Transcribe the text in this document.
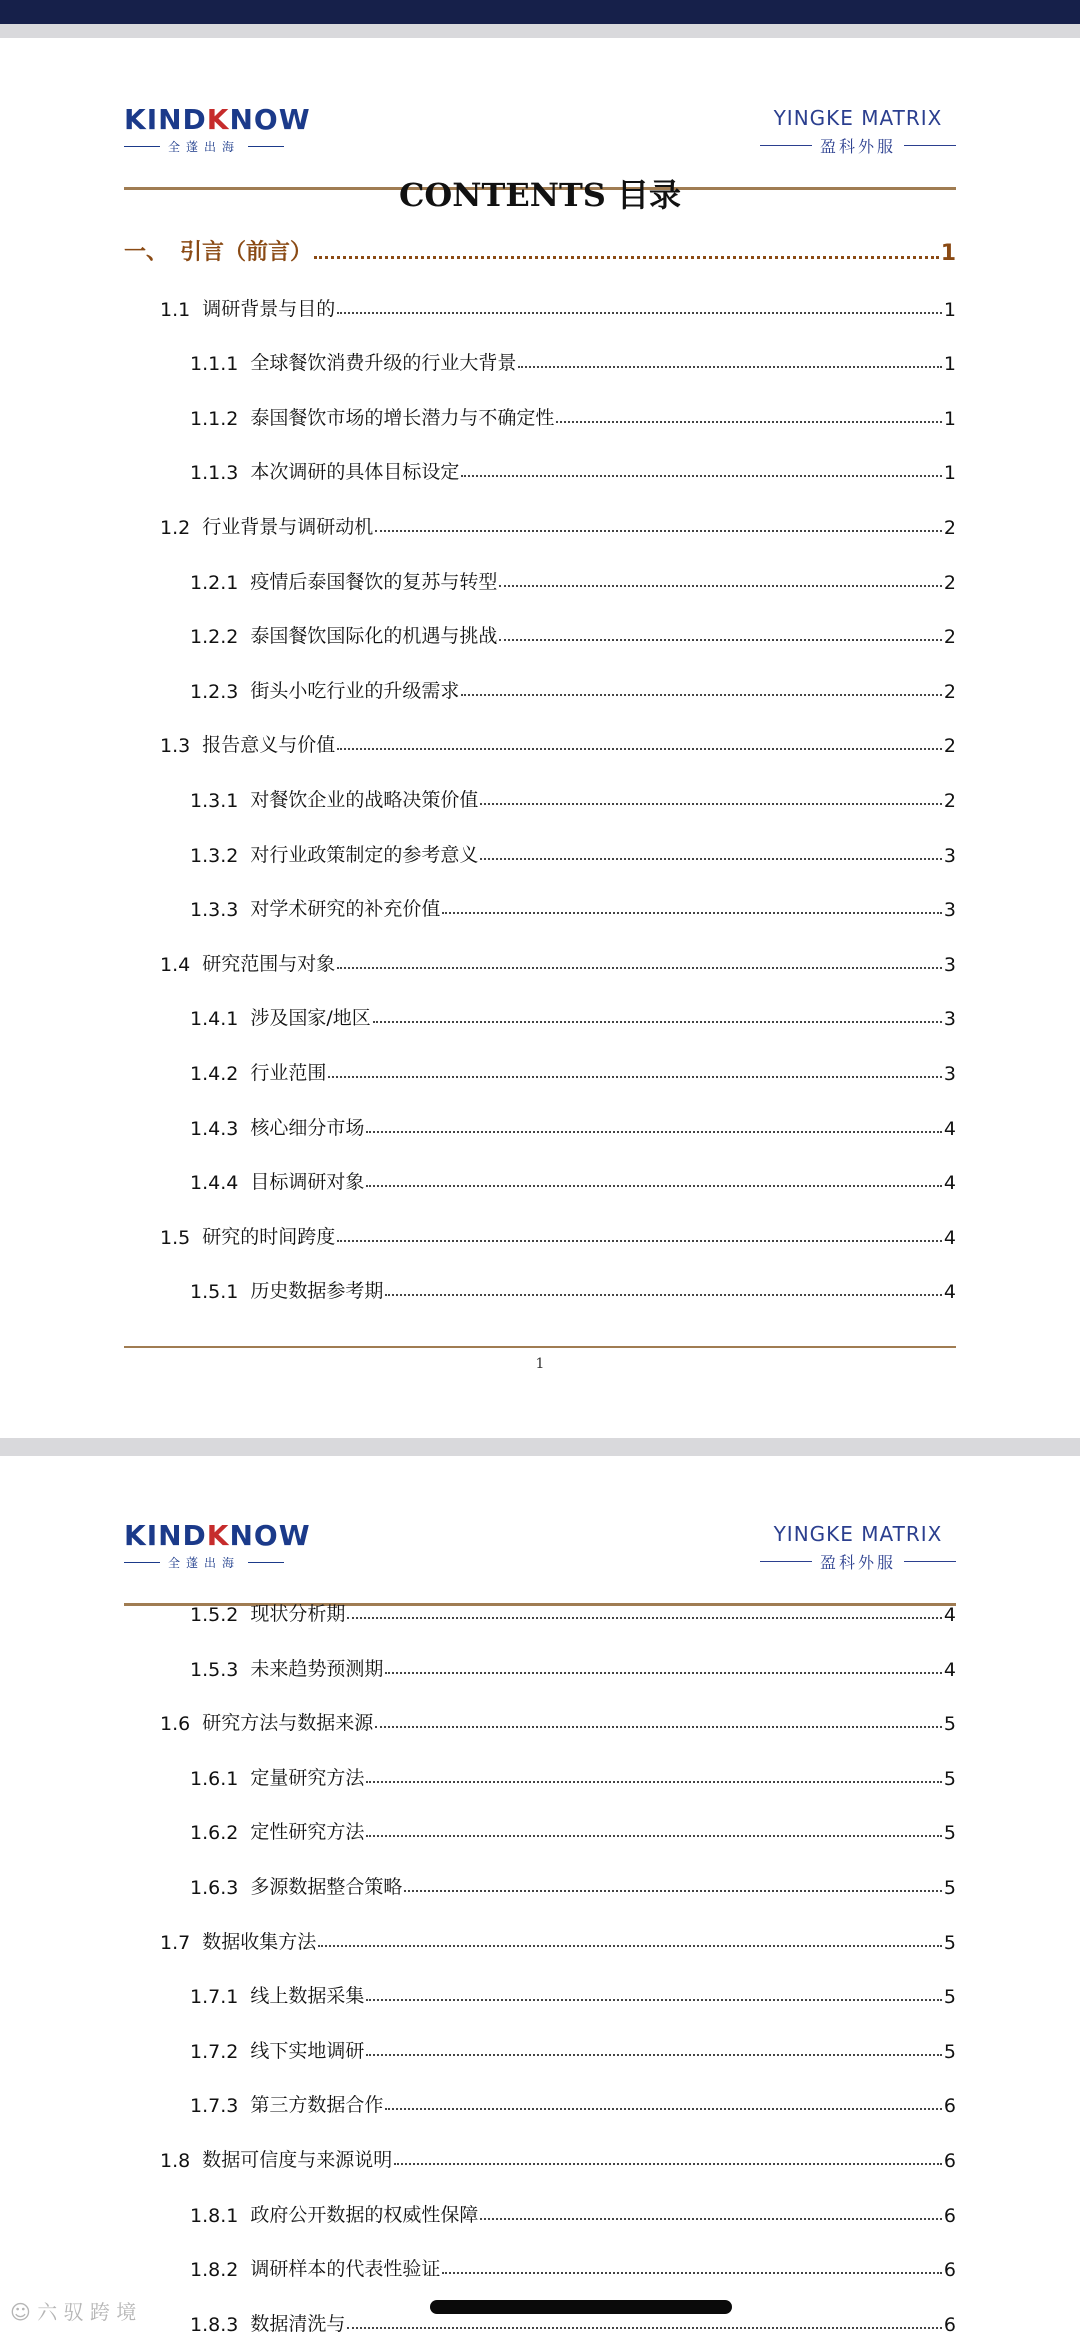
KINDKNOW
全蓬出海
YINGKE MATRIX
盈科外服
CONTENTS 目录
一、 引言（前言）	1
1.1 调研背景与目的	1
1.1.1 全球餐饮消费升级的行业大背景	1
1.1.2 泰国餐饮市场的增长潜力与不确定性	1
1.1.3 本次调研的具体目标设定	1
1.2 行业背景与调研动机	2
1.2.1 疫情后泰国餐饮的复苏与转型	2
1.2.2 泰国餐饮国际化的机遇与挑战	2
1.2.3 街头小吃行业的升级需求	2
1.3 报告意义与价值	2
1.3.1 对餐饮企业的战略决策价值	2
1.3.2 对行业政策制定的参考意义	3
1.3.3 对学术研究的补充价值	3
1.4 研究范围与对象	3
1.4.1 涉及国家/地区	3
1.4.2 行业范围	3
1.4.3 核心细分市场	4
1.4.4 目标调研对象	4
1.5 研究的时间跨度	4
1.5.1 历史数据参考期	4
1
KINDKNOW
全蓬出海
YINGKE MATRIX
盈科外服
1.5.2 现状分析期	4
1.5.3 未来趋势预测期	4
1.6 研究方法与数据来源	5
1.6.1 定量研究方法	5
1.6.2 定性研究方法	5
1.6.3 多源数据整合策略	5
1.7 数据收集方法	5
1.7.1 线上数据采集	5
1.7.2 线下实地调研	5
1.7.3 第三方数据合作	6
1.8 数据可信度与来源说明	6
1.8.1 政府公开数据的权威性保障	6
1.8.2 调研样本的代表性验证	6
1.8.3 数据清洗与	6
☺ 六 驭 跨 境
